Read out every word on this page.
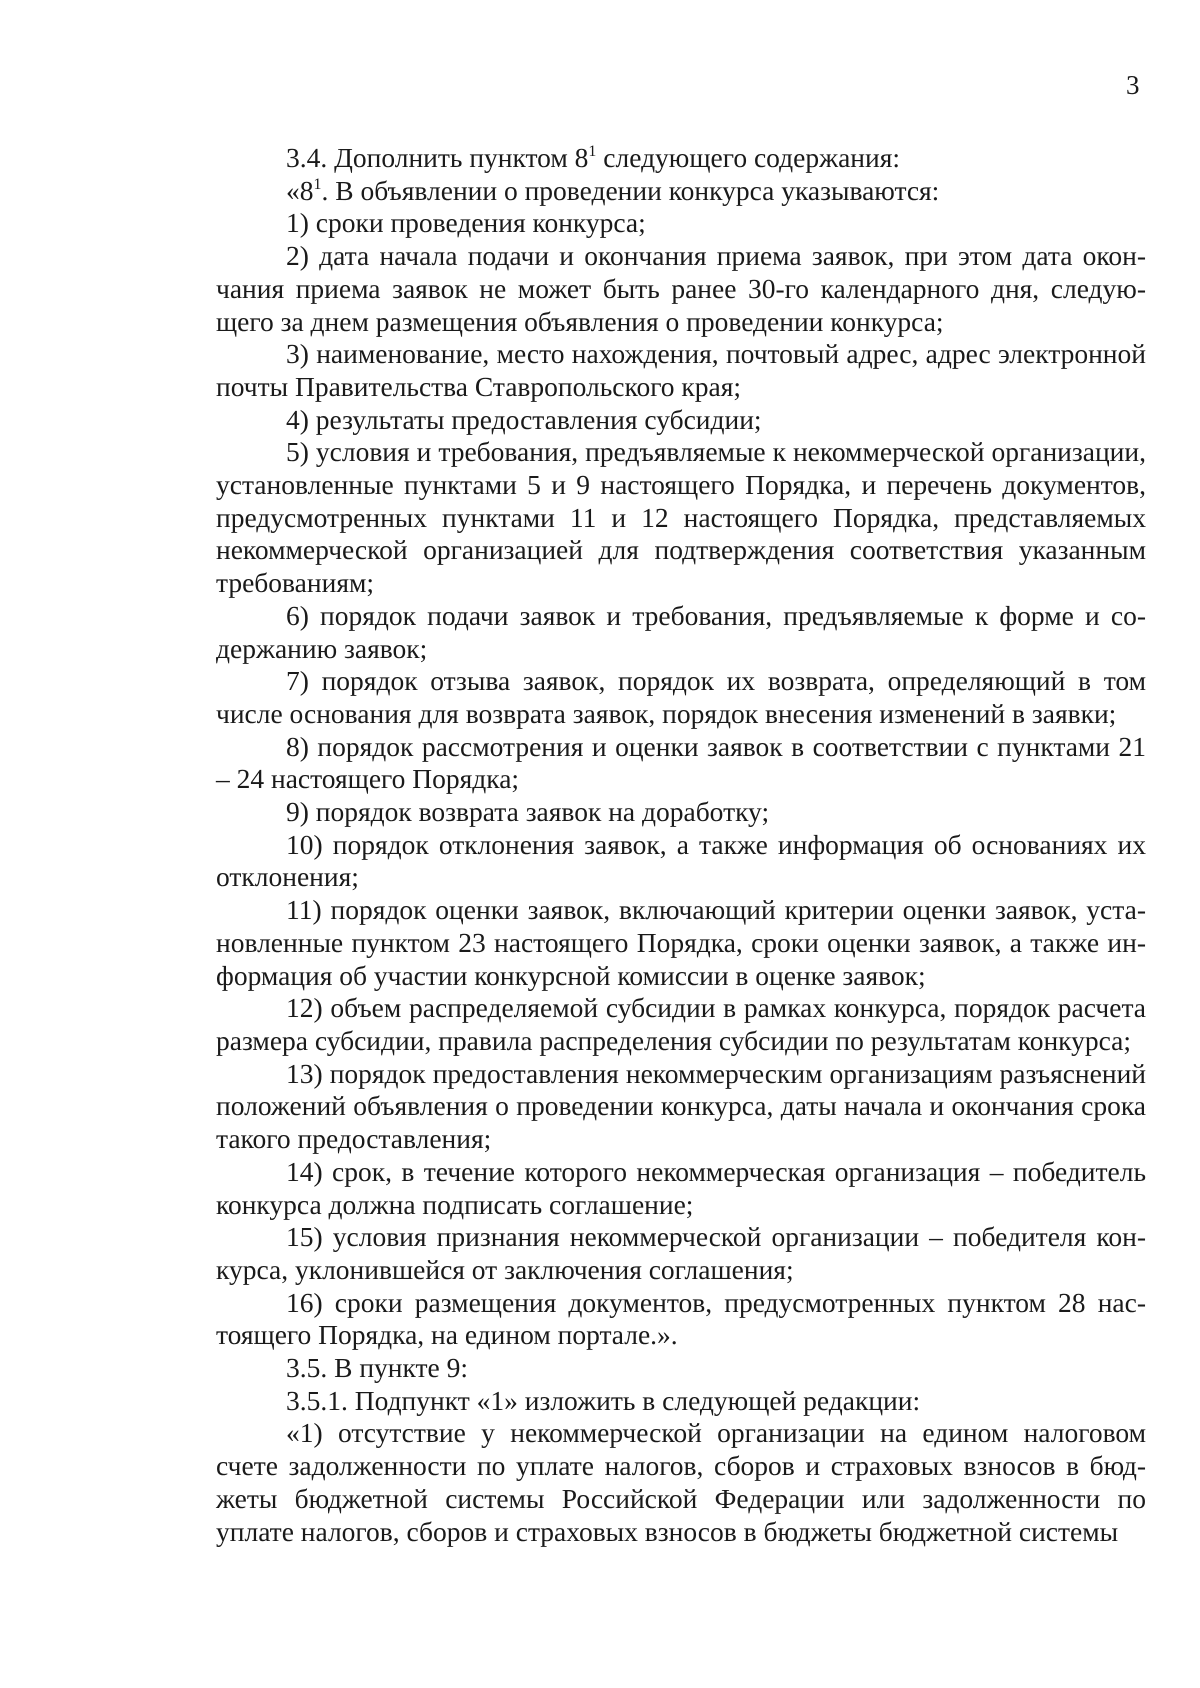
3

3.4. Дополнить пунктом $8^1$ следующего содержания:

«$8^1$. В объявлении о проведении конкурса указываются:

1) сроки проведения конкурса;

2) дата начала подачи и окончания приема заявок, при этом дата окончания приема заявок не может быть ранее 30-го календарного дня, следующего за днем размещения объявления о проведении конкурса;

3) наименование, место нахождения, почтовый адрес, адрес электронной почты Правительства Ставропольского края;

4) результаты предоставления субсидии;

5) условия и требования, предъявляемые к некоммерческой организации, установленные пунктами 5 и 9 настоящего Порядка, и перечень документов, предусмотренных пунктами 11 и 12 настоящего Порядка, представляемых некоммерческой организацией для подтверждения соответствия указанным требованиям;

6) порядок подачи заявок и требования, предъявляемые к форме и содержанию заявок;

7) порядок отзыва заявок, порядок их возврата, определяющий в том числе основания для возврата заявок, порядок внесения изменений в заявки;

8) порядок рассмотрения и оценки заявок в соответствии с пунктами 21 – 24 настоящего Порядка;

9) порядок возврата заявок на доработку;

10) порядок отклонения заявок, а также информация об основаниях их отклонения;

11) порядок оценки заявок, включающий критерии оценки заявок, установленные пунктом 23 настоящего Порядка, сроки оценки заявок, а также информация об участии конкурсной комиссии в оценке заявок;

12) объем распределяемой субсидии в рамках конкурса, порядок расчета размера субсидии, правила распределения субсидии по результатам конкурса;

13) порядок предоставления некоммерческим организациям разъяснений положений объявления о проведении конкурса, даты начала и окончания срока такого предоставления;

14) срок, в течение которого некоммерческая организация – победитель конкурса должна подписать соглашение;

15) условия признания некоммерческой организации – победителя конкурса, уклонившейся от заключения соглашения;

16) сроки размещения документов, предусмотренных пунктом 28 настоящего Порядка, на едином портале.».

3.5. В пункте 9:

3.5.1. Подпункт «1» изложить в следующей редакции:

«1) отсутствие у некоммерческой организации на едином налоговом счете задолженности по уплате налогов, сборов и страховых взносов в бюджеты бюджетной системы Российской Федерации или задолженности по уплате налогов, сборов и страховых взносов в бюджеты бюджетной системы
